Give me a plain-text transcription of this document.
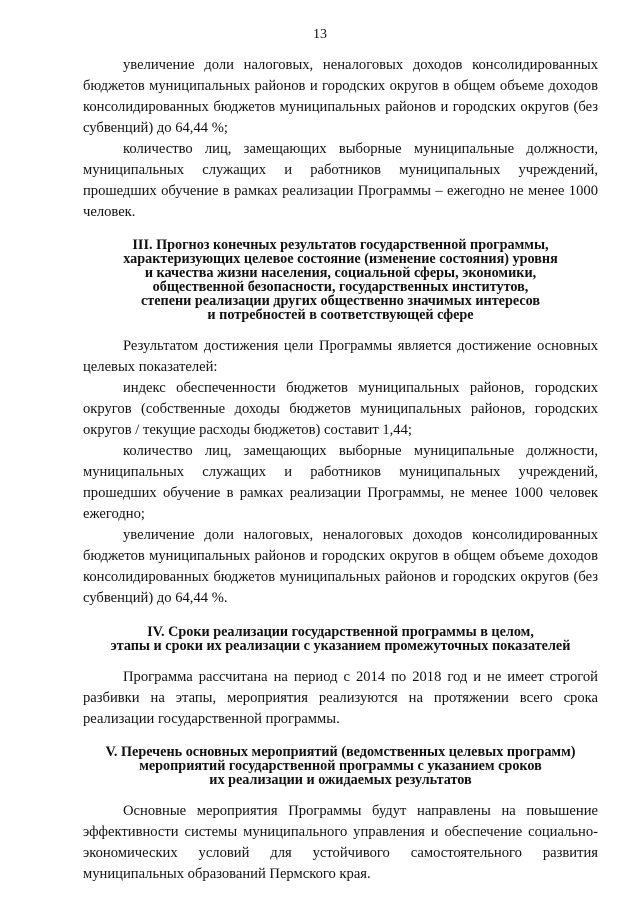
13

увеличение доли налоговых, неналоговых доходов консолидированных бюджетов муниципальных районов и городских округов в общем объеме доходов консолидированных бюджетов муниципальных районов и городских округов (без субвенций) до 64,44 %;

количество лиц, замещающих выборные муниципальные должности, муниципальных служащих и работников муниципальных учреждений, прошедших обучение в рамках реализации Программы – ежегодно не менее 1000 человек.

III. Прогноз конечных результатов государственной программы,
характеризующих целевое состояние (изменение состояния) уровня
и качества жизни населения, социальной сферы, экономики,
общественной безопасности, государственных институтов,
степени реализации других общественно значимых интересов
и потребностей в соответствующей сфере

Результатом достижения цели Программы является достижение основных целевых показателей:

индекс обеспеченности бюджетов муниципальных районов, городских округов (собственные доходы бюджетов муниципальных районов, городских округов / текущие расходы бюджетов) составит 1,44;

количество лиц, замещающих выборные муниципальные должности, муниципальных служащих и работников муниципальных учреждений, прошедших обучение в рамках реализации Программы, не менее 1000 человек ежегодно;

увеличение доли налоговых, неналоговых доходов консолидированных бюджетов муниципальных районов и городских округов в общем объеме доходов консолидированных бюджетов муниципальных районов и городских округов (без субвенций) до 64,44 %.

IV. Сроки реализации государственной программы в целом,
этапы и сроки их реализации с указанием промежуточных показателей

Программа рассчитана на период с 2014 по 2018 год и не имеет строгой разбивки на этапы, мероприятия реализуются на протяжении всего срока реализации государственной программы.

V. Перечень основных мероприятий (ведомственных целевых программ)
мероприятий государственной программы с указанием сроков
их реализации и ожидаемых результатов

Основные мероприятия Программы будут направлены на повышение эффективности системы муниципального управления и обеспечение социально-экономических условий для устойчивого самостоятельного развития муниципальных образований Пермского края.
